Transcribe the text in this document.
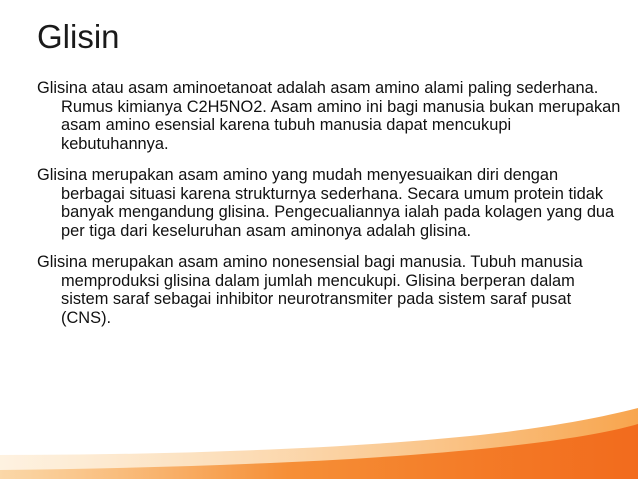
Glisin

Glisina atau asam aminoetanoat adalah asam amino alami paling sederhana. Rumus kimianya C2H5NO2. Asam amino ini bagi manusia bukan merupakan asam amino esensial karena tubuh manusia dapat mencukupi kebutuhannya.

Glisina merupakan asam amino yang mudah menyesuaikan diri dengan berbagai situasi karena strukturnya sederhana. Secara umum protein tidak banyak mengandung glisina. Pengecualiannya ialah pada kolagen yang dua per tiga dari keseluruhan asam aminonya adalah glisina.

Glisina merupakan asam amino nonesensial bagi manusia. Tubuh manusia memproduksi glisina dalam jumlah mencukupi. Glisina berperan dalam sistem saraf sebagai inhibitor neurotransmiter pada sistem saraf pusat (CNS).
